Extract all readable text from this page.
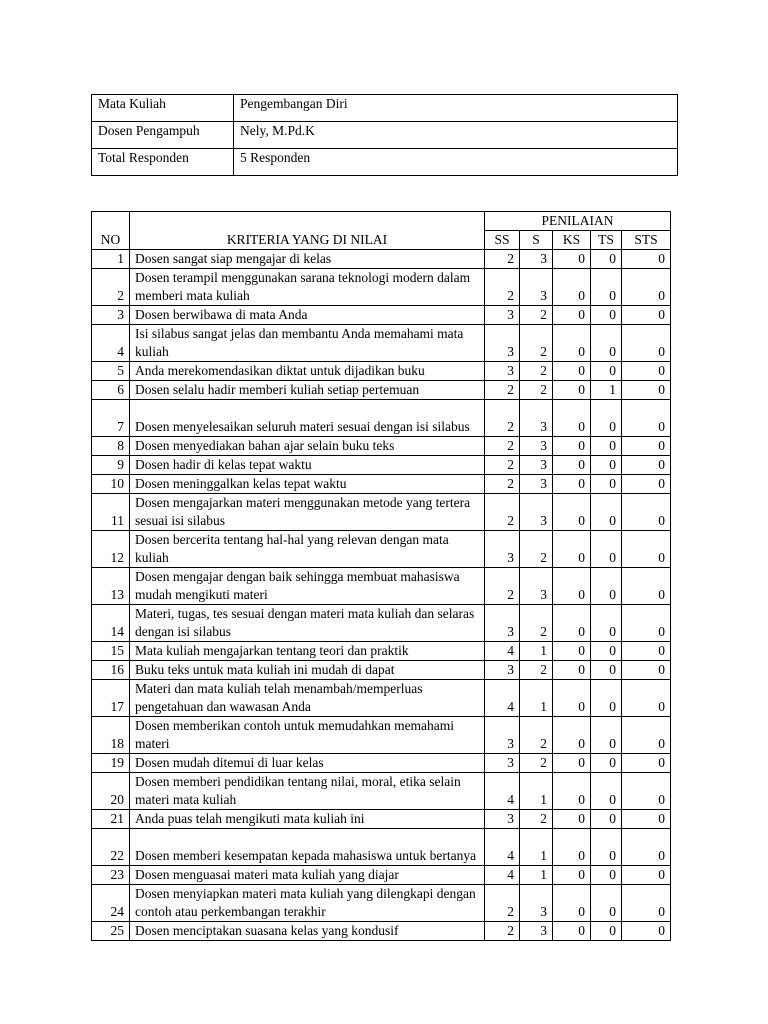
Mata Kuliah	Pengembangan Diri
Dosen Pengampuh	Nely, M.Pd.K
Total Responden	5 Responden
NO	KRITERIA YANG DI NILAI	PENILAIAN				
		SS	S	KS	TS	STS
1	Dosen sangat siap mengajar di kelas	2	3	0	0	0
2	Dosen terampil menggunakan sarana teknologi modern dalam memberi mata kuliah	2	3	0	0	0
3	Dosen berwibawa di mata Anda	3	2	0	0	0
4	Isi silabus sangat jelas dan membantu Anda memahami mata kuliah	3	2	0	0	0
5	Anda merekomendasikan diktat untuk dijadikan buku	3	2	0	0	0
6	Dosen selalu hadir memberi kuliah setiap pertemuan	2	2	0	1	0
7	Dosen menyelesaikan seluruh materi sesuai dengan isi silabus	2	3	0	0	0
8	Dosen menyediakan bahan ajar selain buku teks	2	3	0	0	0
9	Dosen hadir di kelas tepat waktu	2	3	0	0	0
10	Dosen meninggalkan kelas tepat waktu	2	3	0	0	0
11	Dosen mengajarkan materi menggunakan metode yang tertera sesuai isi silabus	2	3	0	0	0
12	Dosen bercerita tentang hal-hal yang relevan dengan mata kuliah	3	2	0	0	0
13	Dosen mengajar dengan baik sehingga membuat mahasiswa mudah mengikuti materi	2	3	0	0	0
14	Materi, tugas, tes sesuai dengan materi mata kuliah dan selaras dengan isi silabus	3	2	0	0	0
15	Mata kuliah mengajarkan tentang teori dan praktik	4	1	0	0	0
16	Buku teks untuk mata kuliah ini mudah di dapat	3	2	0	0	0
17	Materi dan mata kuliah telah menambah/memperluas pengetahuan dan wawasan Anda	4	1	0	0	0
18	Dosen memberikan contoh untuk memudahkan memahami materi	3	2	0	0	0
19	Dosen mudah ditemui di luar kelas	3	2	0	0	0
20	Dosen memberi pendidikan tentang nilai, moral, etika selain materi mata kuliah	4	1	0	0	0
21	Anda puas telah mengikuti mata kuliah ini	3	2	0	0	0
22	Dosen memberi kesempatan kepada mahasiswa untuk bertanya	4	1	0	0	0
23	Dosen menguasai materi mata kuliah yang diajar	4	1	0	0	0
24	Dosen menyiapkan materi mata kuliah yang dilengkapi dengan contoh atau perkembangan terakhir	2	3	0	0	0
25	Dosen menciptakan suasana kelas yang kondusif	2	3	0	0	0
